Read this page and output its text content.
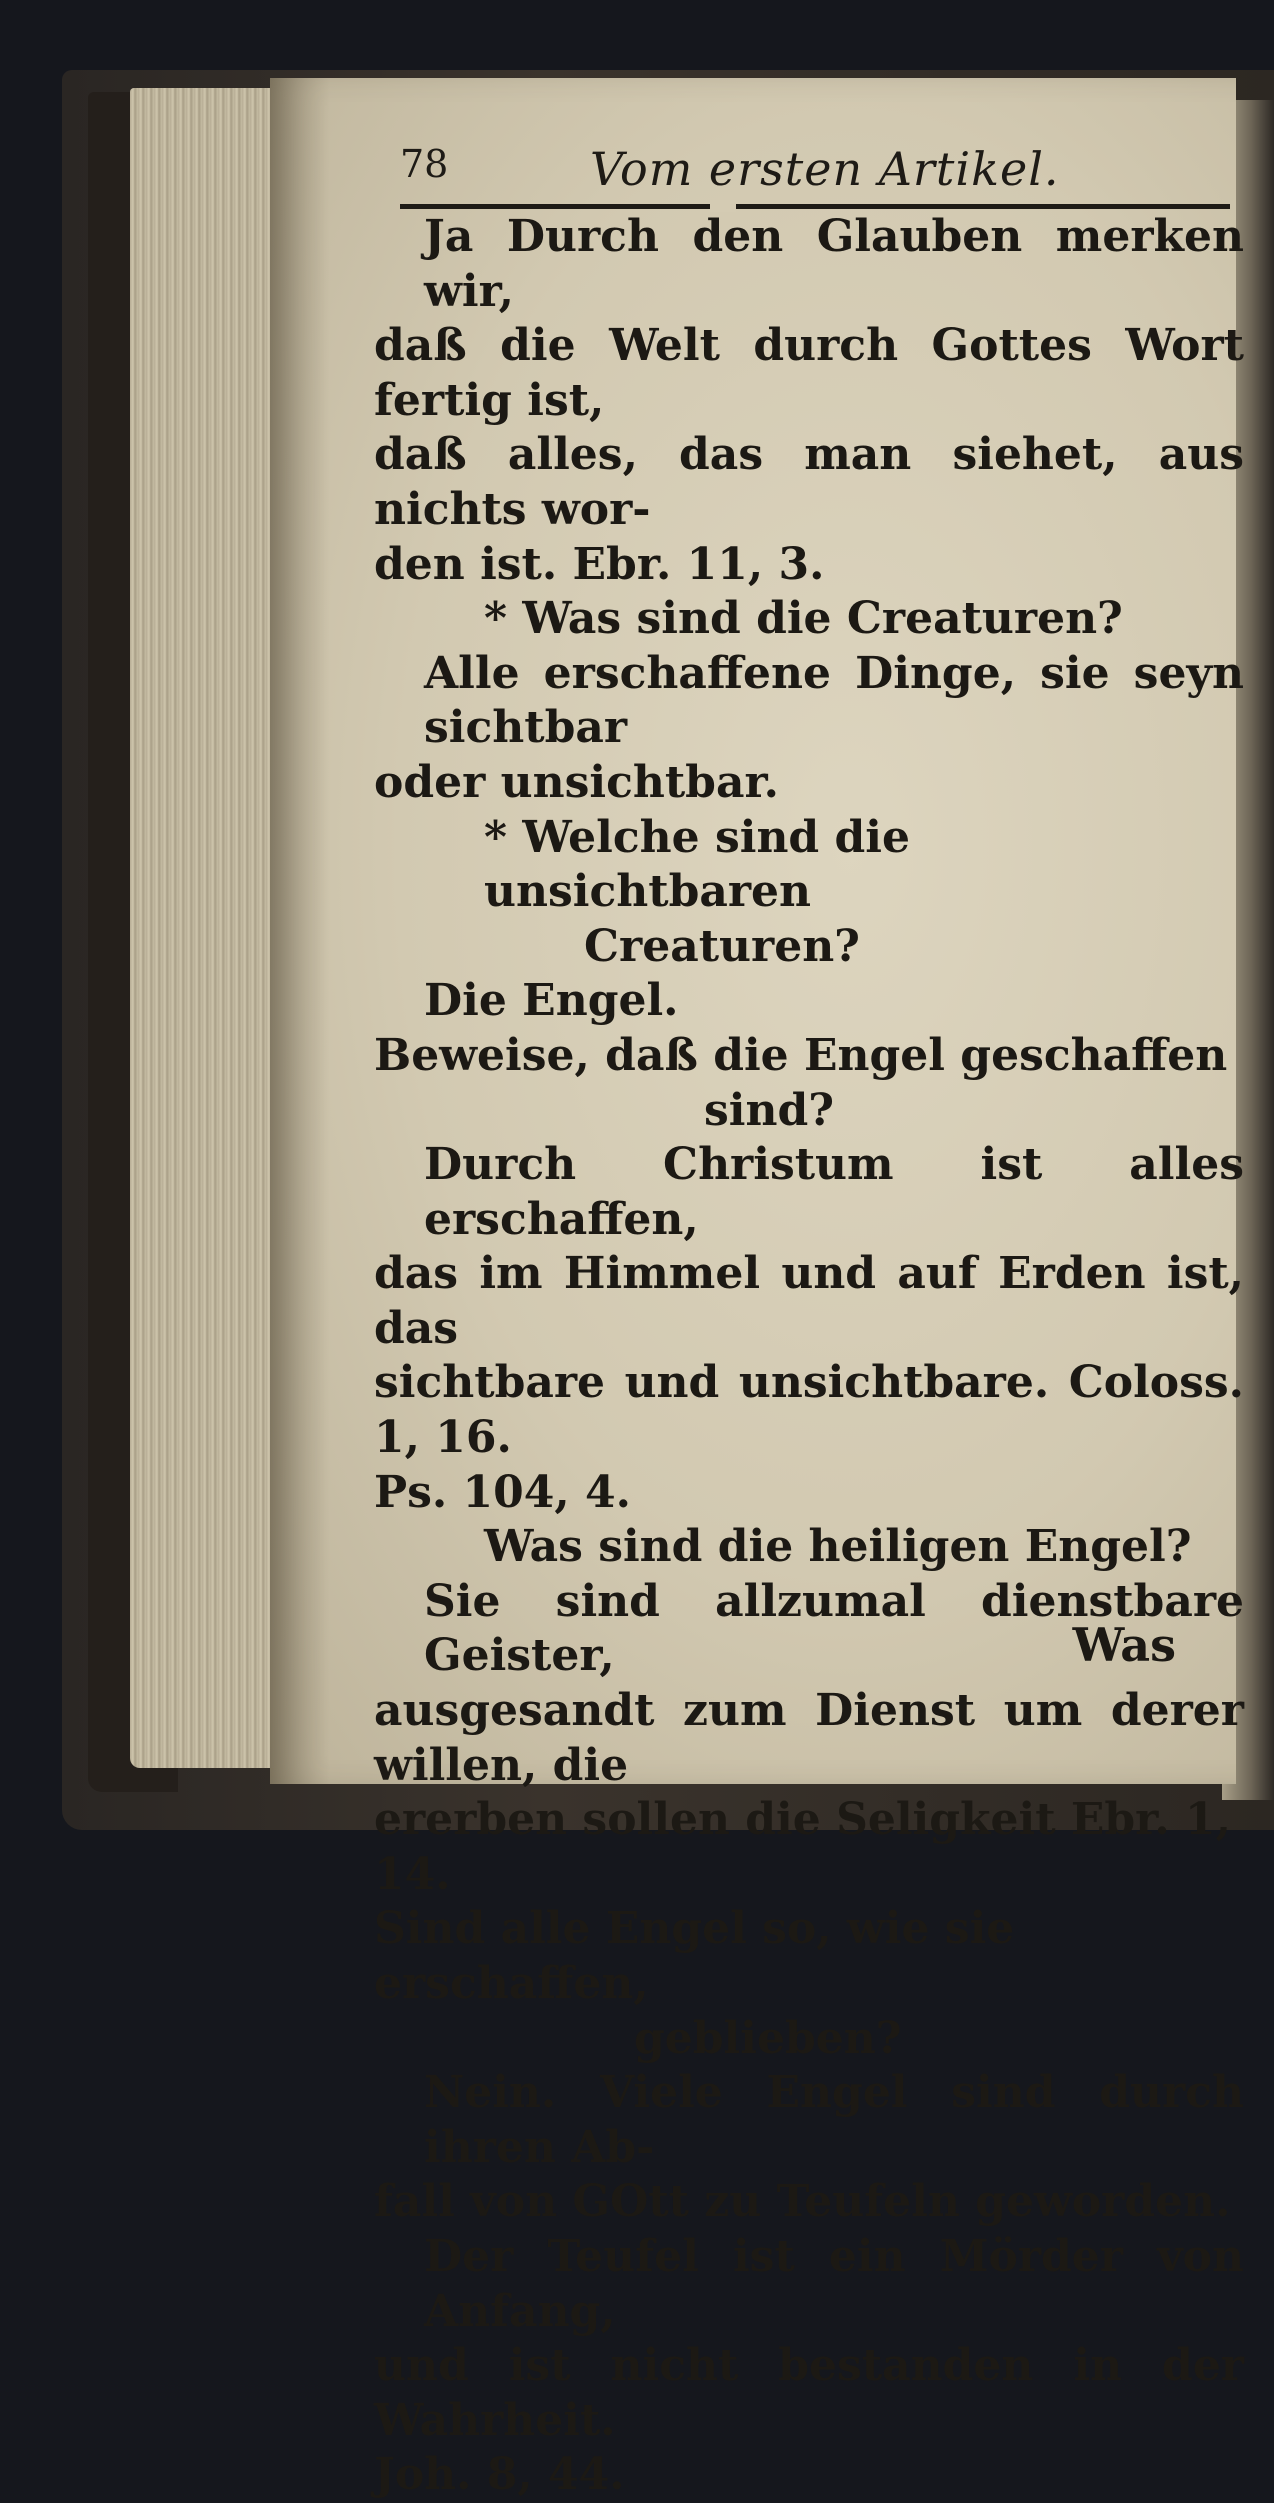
78	Vom ersten Artikel.

Ja Durch den Glauben merken wir,

daß die Welt durch Gottes Wort fertig ist,

daß alles, das man siehet, aus nichts wor-

den ist. Ebr. 11, 3.

* Was sind die Creaturen?

Alle erschaffene Dinge, sie seyn sichtbar

oder unsichtbar.

* Welche sind die unsichtbaren

Creaturen?

Die Engel.

Beweise, daß die Engel geschaffen

sind?

Durch Christum ist alles erschaffen,

das im Himmel und auf Erden ist, das

sichtbare und unsichtbare. Coloss. 1, 16.

Ps. 104, 4.

Was sind die heiligen Engel?

Sie sind allzumal dienstbare Geister,

ausgesandt zum Dienst um derer willen, die

ererben sollen die Seligkeit Ebr. 1, 14.

Sind alle Engel so, wie sie erschaffen,

geblieben?

Nein. Viele Engel sind durch ihren Ab-

fall von GOtt zu Teufeln geworden.

Der Teufel ist ein Mörder von Anfang,

und ist nicht bestanden in der Wahrheit.

Joh. 8, 44.

Was
